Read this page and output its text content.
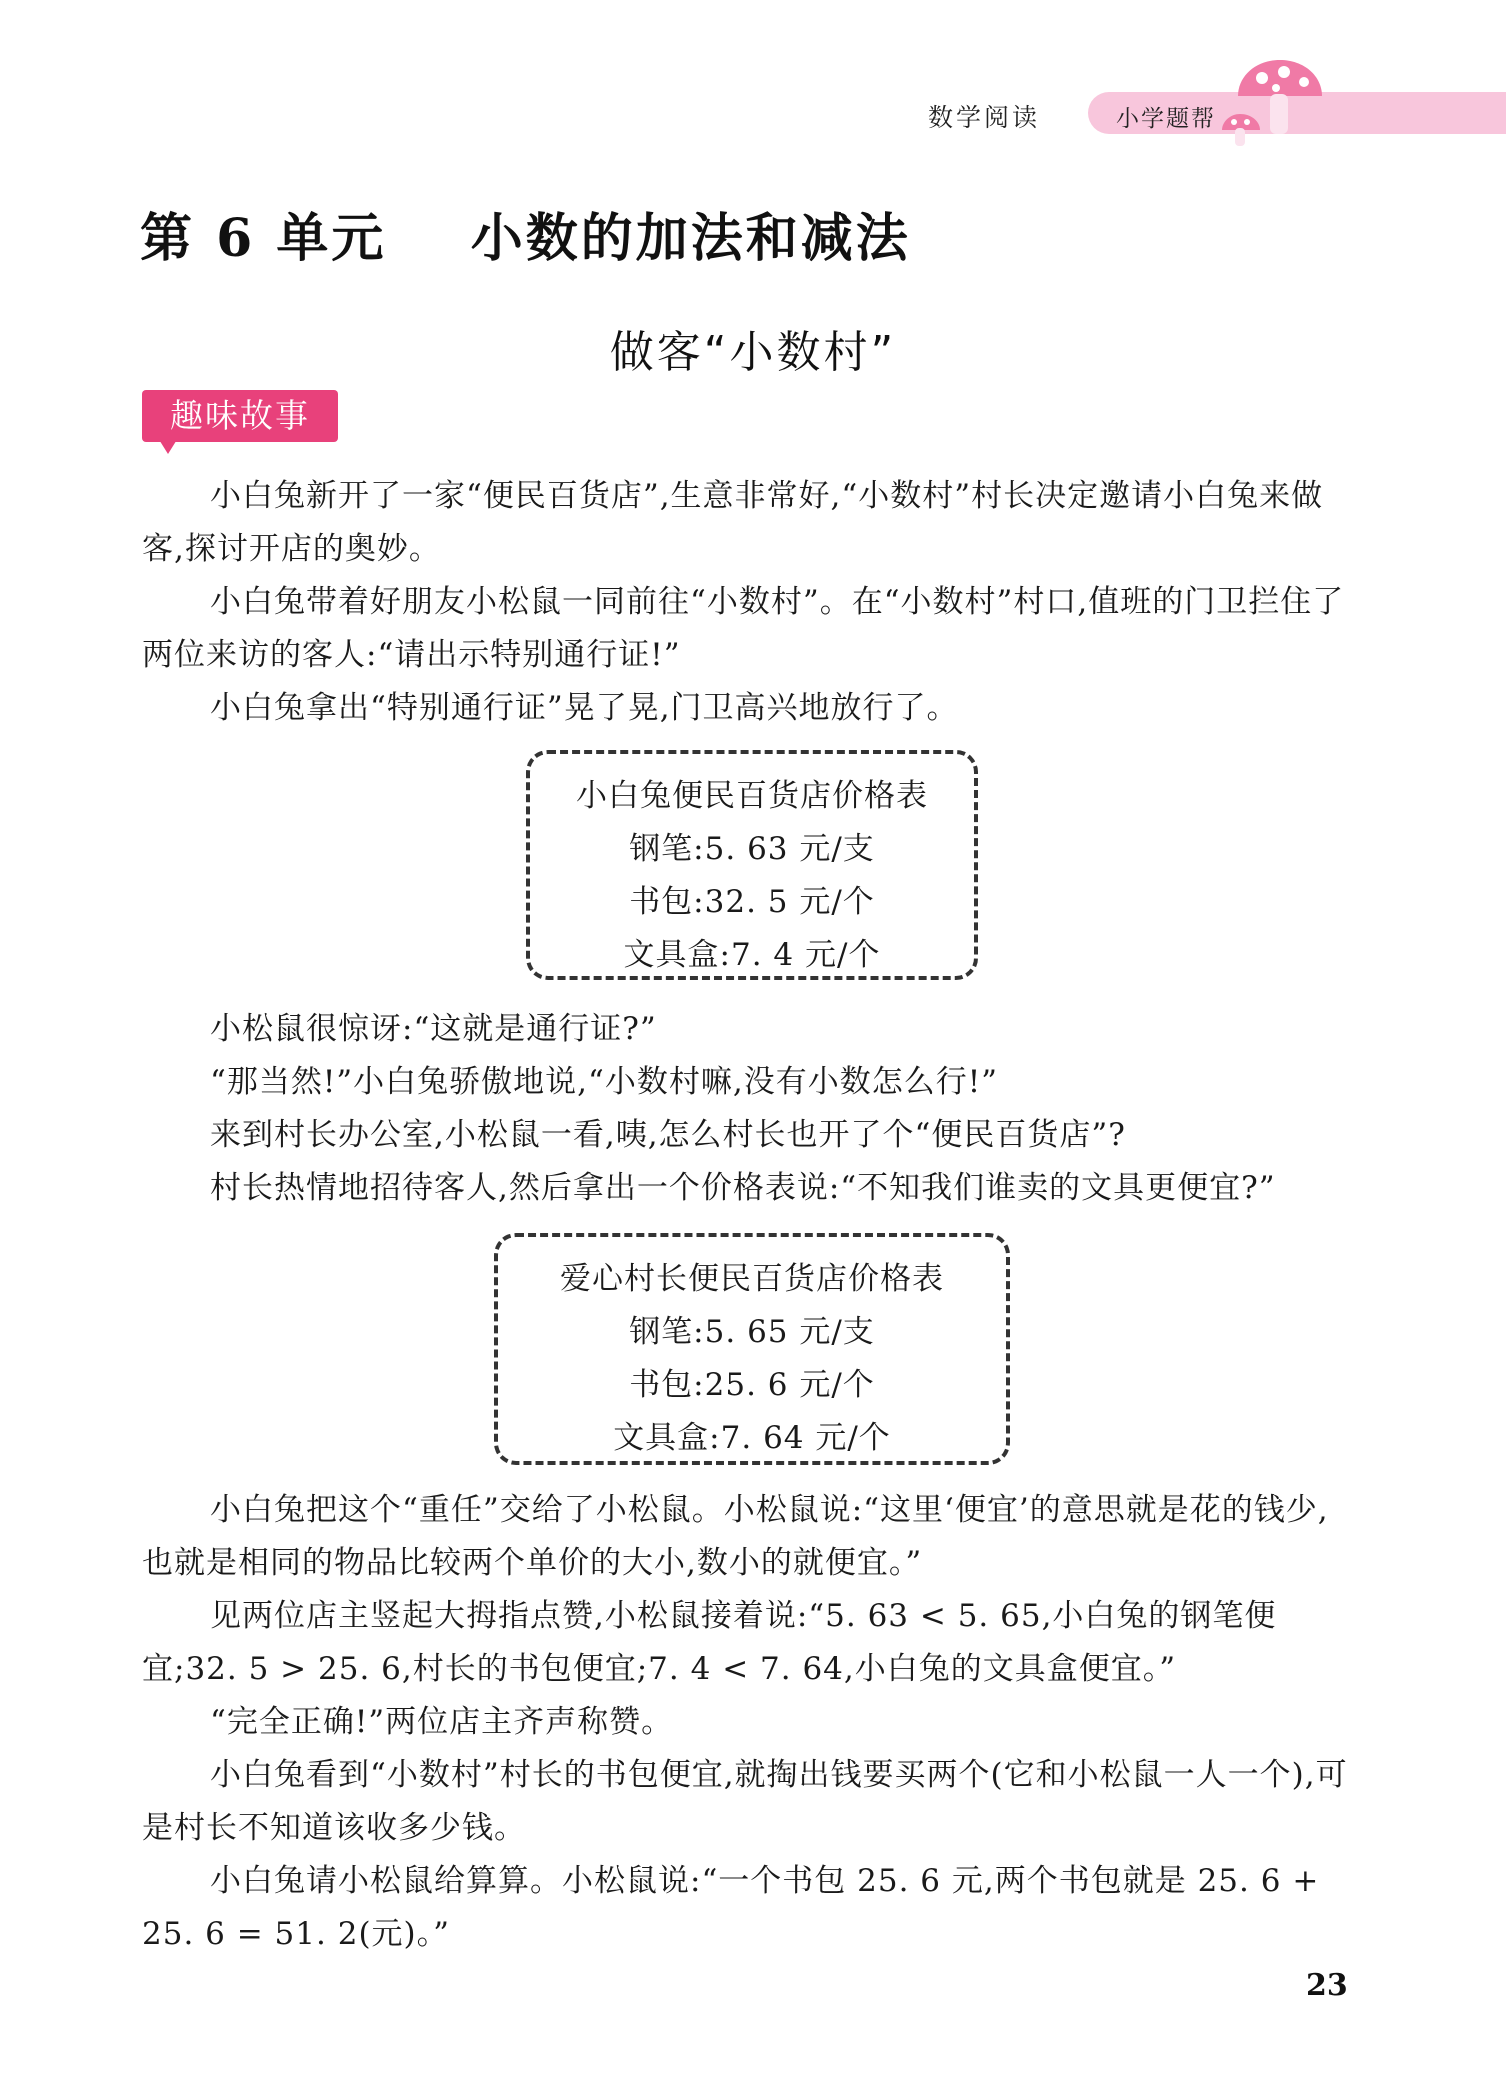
数学阅读	小学题帮
第 6 单元    小数的加法和减法
做客“小数村”
趣味故事

小白兔新开了一家“便民百货店”,生意非常好,“小数村”村长决定邀请小白兔来做客,探讨开店的奥妙。

小白兔带着好朋友小松鼠一同前往“小数村”。在“小数村”村口,值班的门卫拦住了两位来访的客人:“请出示特别通行证!”

小白兔拿出“特别通行证”晃了晃,门卫高兴地放行了。

小白兔便民百货店价格表
钢笔:5. 63 元/支
书包:32. 5 元/个
文具盒:7. 4 元/个

小松鼠很惊讶:“这就是通行证?”

“那当然!”小白兔骄傲地说,“小数村嘛,没有小数怎么行!”

来到村长办公室,小松鼠一看,咦,怎么村长也开了个“便民百货店”?

村长热情地招待客人,然后拿出一个价格表说:“不知我们谁卖的文具更便宜?”

爱心村长便民百货店价格表
钢笔:5. 65 元/支
书包:25. 6 元/个
文具盒:7. 64 元/个

小白兔把这个“重任”交给了小松鼠。小松鼠说:“这里‘便宜’的意思就是花的钱少,也就是相同的物品比较两个单价的大小,数小的就便宜。”

见两位店主竖起大拇指点赞,小松鼠接着说:“5. 63 < 5. 65,小白兔的钢笔便宜;32. 5 > 25. 6,村长的书包便宜;7. 4 < 7. 64,小白兔的文具盒便宜。”

“完全正确!”两位店主齐声称赞。

小白兔看到“小数村”村长的书包便宜,就掏出钱要买两个(它和小松鼠一人一个),可是村长不知道该收多少钱。

小白兔请小松鼠给算算。小松鼠说:“一个书包 25. 6 元,两个书包就是 25. 6 + 25. 6 = 51. 2(元)。”

23
